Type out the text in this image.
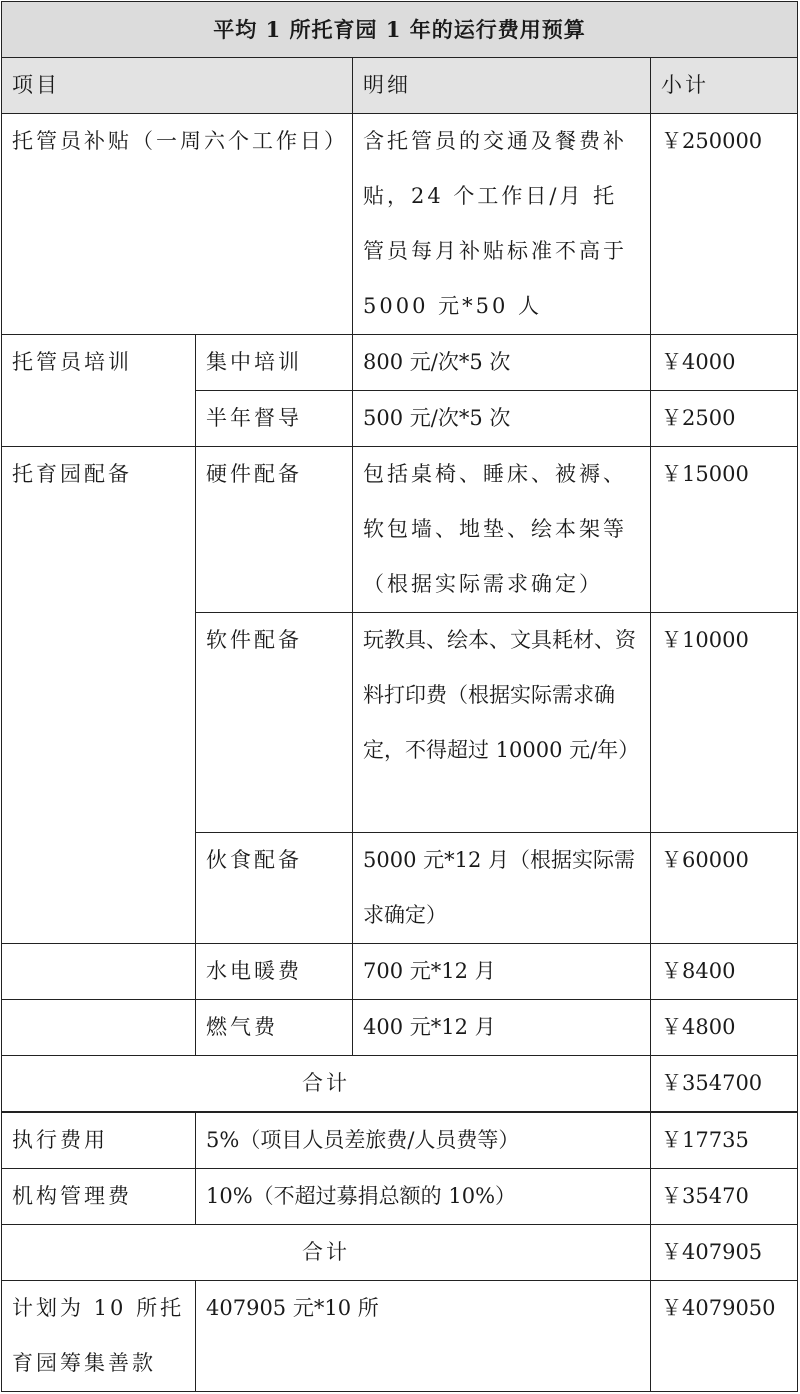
平均 1 所托育园 1 年的运行费用预算			
项目		明细	小计
托管员补贴（一周六个工作日）		含托管员的交通及餐费补贴，24 个工作日/月 托管员每月补贴标准不高于 5000 元*50 人	￥250000
托管员培训	集中培训	800 元/次*5 次	￥4000
	半年督导	500 元/次*5 次	￥2500
托育园配备	硬件配备	包括桌椅、睡床、被褥、软包墙、地垫、绘本架等（根据实际需求确定）	￥15000
	软件配备	玩教具、绘本、文具耗材、资料打印费（根据实际需求确定，不得超过 10000 元/年）	￥10000
	伙食配备	5000 元*12 月（根据实际需求确定）	￥60000
	水电暖费	700 元*12 月	￥8400
	燃气费	400 元*12 月	￥4800
合计			￥354700
执行费用	5%（项目人员差旅费/人员费等）	￥17735
机构管理费	10%（不超过募捐总额的 10%）	￥35470
合计		￥407905
计划为 10 所托育园筹集善款	407905 元*10 所	￥4079050
